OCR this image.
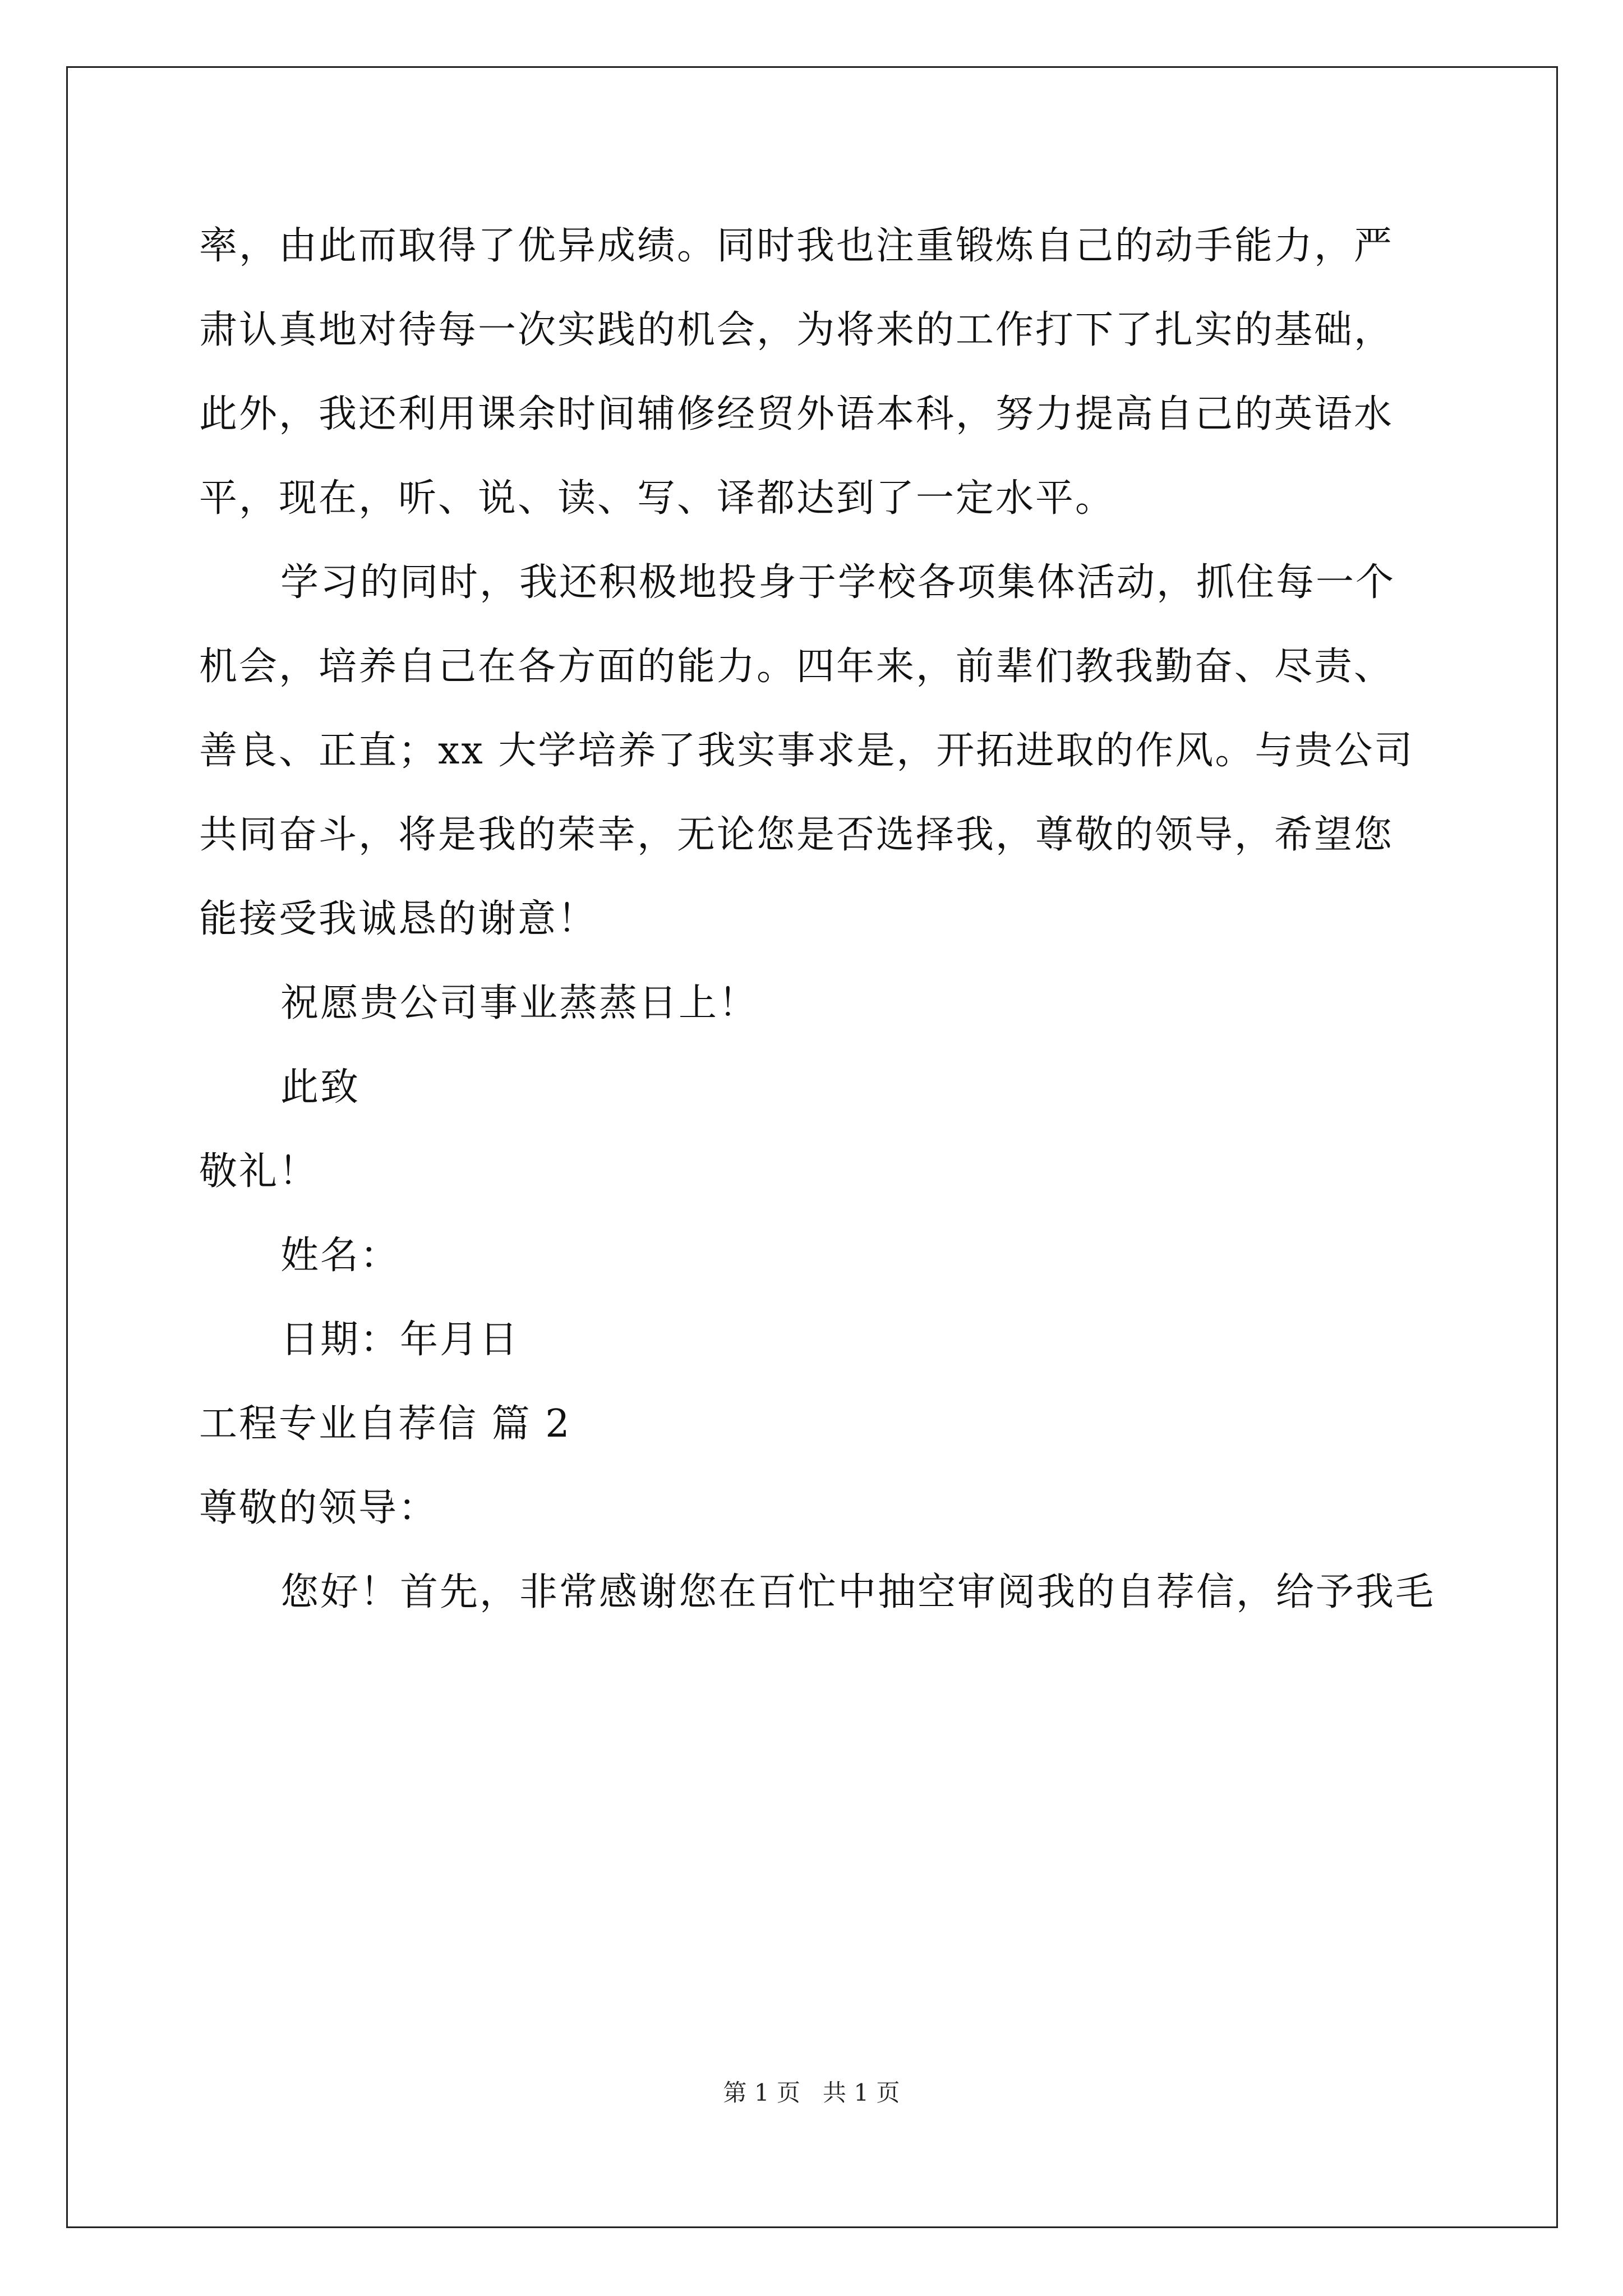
率，由此而取得了优异成绩。同时我也注重锻炼自己的动手能力，严

肃认真地对待每一次实践的机会，为将来的工作打下了扎实的基础，

此外，我还利用课余时间辅修经贸外语本科，努力提高自己的英语水

平，现在，听、说、读、写、译都达到了一定水平。

学习的同时，我还积极地投身于学校各项集体活动，抓住每一个

机会，培养自己在各方面的能力。四年来，前辈们教我勤奋、尽责、

善良、正直；xx 大学培养了我实事求是，开拓进取的作风。与贵公司

共同奋斗，将是我的荣幸，无论您是否选择我，尊敬的领导，希望您

能接受我诚恳的谢意！

祝愿贵公司事业蒸蒸日上！

此致

敬礼！

姓名：

日期：年月日

工程专业自荐信 篇 2

尊敬的领导：

您好！首先，非常感谢您在百忙中抽空审阅我的自荐信，给予我毛

第 1 页   共 1 页
